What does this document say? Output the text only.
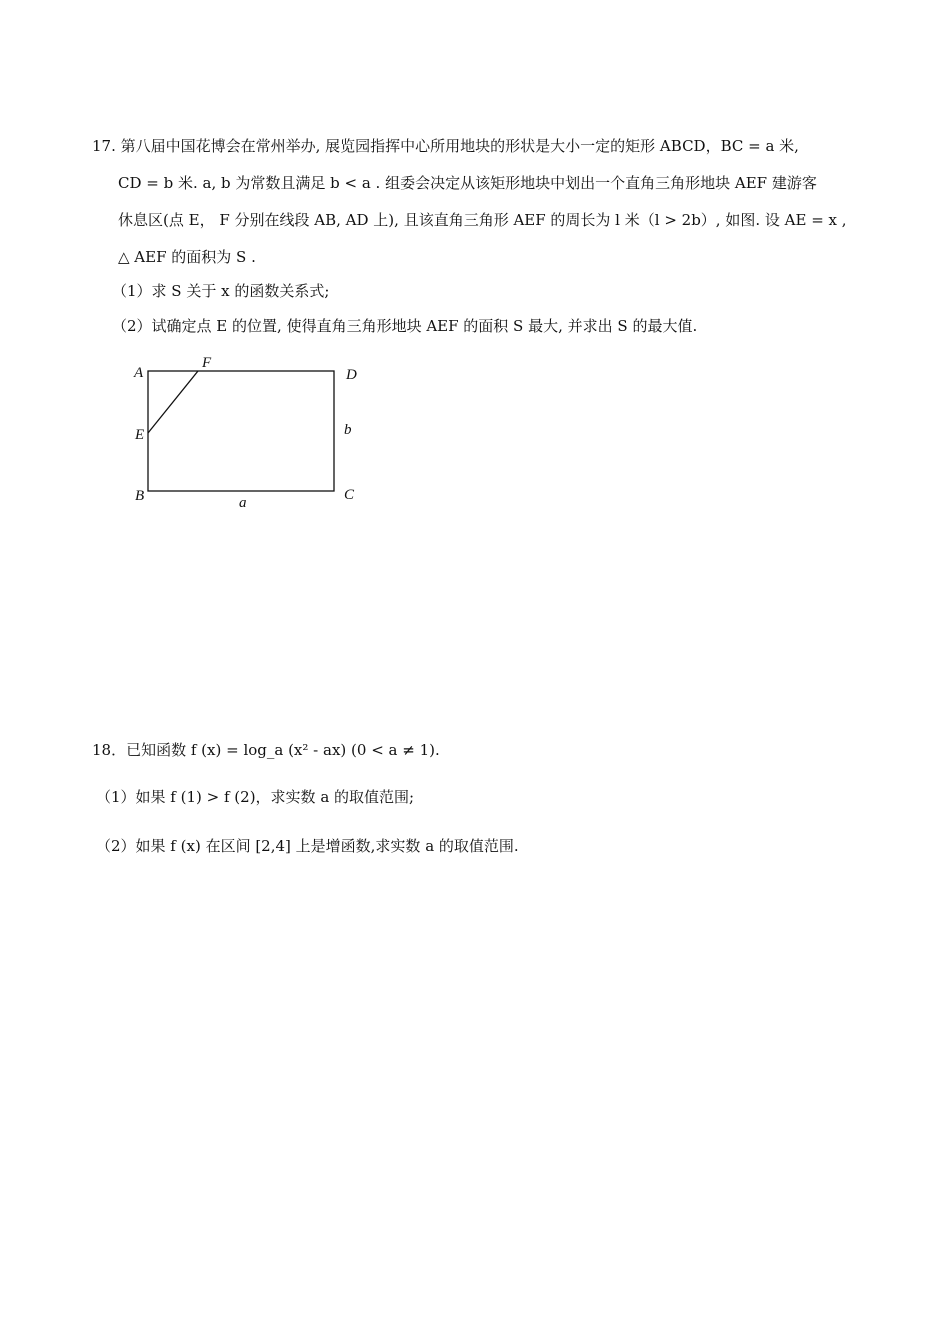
17. 第八届中国花博会在常州举办, 展览园指挥中心所用地块的形状是大小一定的矩形 ABCD，BC = a 米,
CD = b 米. a, b 为常数且满足 b < a . 组委会决定从该矩形地块中划出一个直角三角形地块 AEF 建游客
休息区(点 E， F 分别在线段 AB, AD 上), 且该直角三角形 AEF 的周长为 l 米（l > 2b）, 如图. 设 AE = x ,
△ AEF 的面积为 S .
（1）求 S 关于 x 的函数关系式;
（2）试确定点 E 的位置, 使得直角三角形地块 AEF 的面积 S 最大, 并求出 S 的最大值.
A
F
D
E	b
B	a	C
18．已知函数 f (x) = log_a (x² - ax) (0 < a ≠ 1).
（1）如果 f (1) > f (2)，求实数 a 的取值范围;
（2）如果 f (x) 在区间 [2,4] 上是增函数,求实数 a 的取值范围.
